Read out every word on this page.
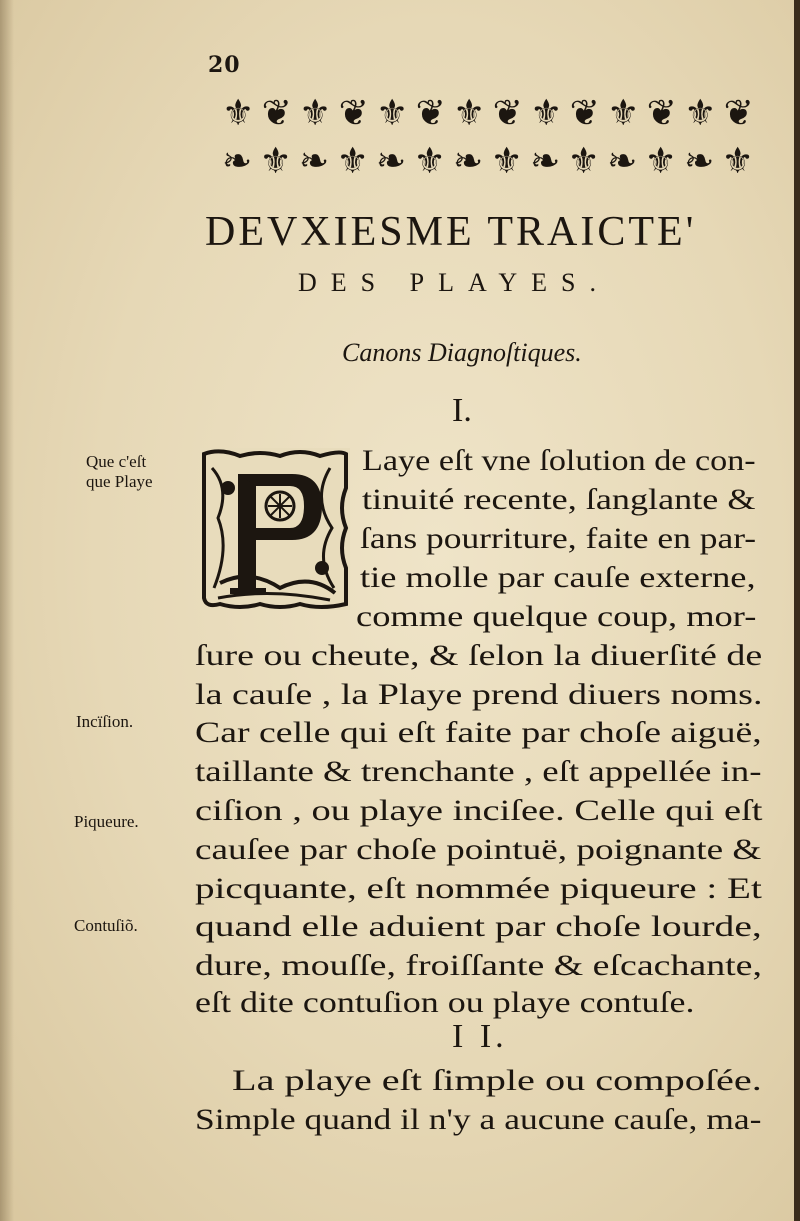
20
⚜ ❦ ⚜ ❦ ⚜ ❦ ⚜ ❦ ⚜ ❦ ⚜ ❦ ⚜ ❦
❧ ⚜ ❧ ⚜ ❧ ⚜ ❧ ⚜ ❧ ⚜ ❧ ⚜ ❧ ⚜
DEVXIESME TRAICTE'
DES PLAYES.
Canons Diagnoſtiques.
I.
Que c'eſt
que Playe
Incïſion.
Piqueure.
Contuſiõ.
Laye eſt vne ſolution de con-
tinuité recente, ſanglante &
ſans pourriture, faite en par-
tie molle par cauſe externe,
comme quelque coup, mor-
ſure ou cheute, & ſelon la diuerſité de
la cauſe , la Playe prend diuers noms.
Car celle qui eſt faite par choſe aiguë,
taillante & trenchante , eſt appellée in-
ciſion , ou playe inciſee. Celle qui eſt
cauſee par choſe pointuë, poignante &
picquante, eſt nommée piqueure : Et
quand elle aduient par choſe lourde,
dure, mouſſe, froiſſante & eſcachante,
eſt dite contuſion ou playe contuſe.
I I.
La playe eſt ſimple ou compoſée.
Simple quand il n'y a aucune cauſe, ma-
